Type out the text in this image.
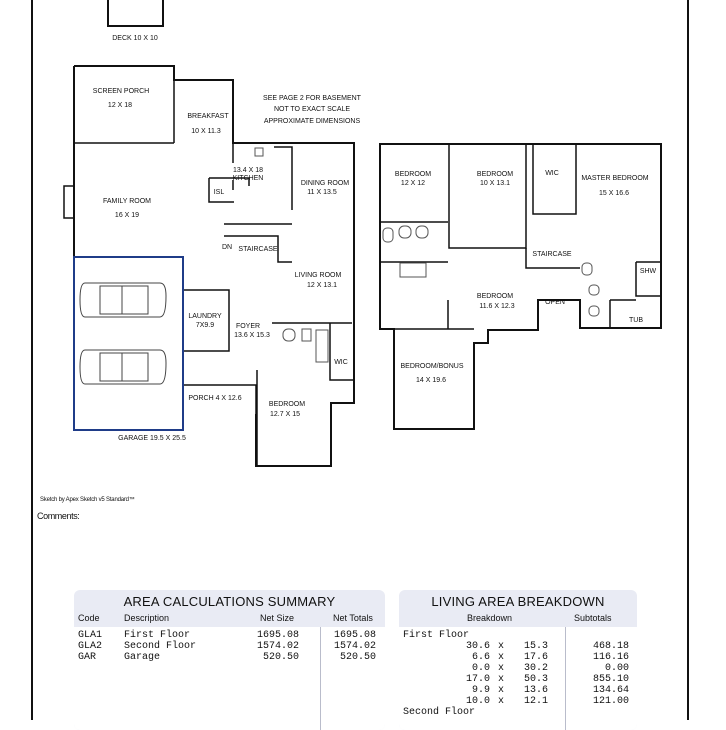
DECK 10 X 10
SCREEN PORCH
12 X 18
BREAKFAST
10 X 11.3
SEE PAGE 2 FOR BASEMENT
NOT TO EXACT SCALE
APPROXIMATE DIMENSIONS
13.4 X 18
KITCHEN
ISL
DINING ROOM
11 X 13.5
FAMILY ROOM
16 X 19
DN STAIRCASE
LIVING ROOM
12 X 13.1
LAUNDRY
7X9.9	FOYER
13.6 X 15.3
WIC
PORCH 4 X 12.6
BEDROOM
12.7 X 15
GARAGE 19.5 X 25.5
BEDROOM
12 X 12
BEDROOM
10 X 13.1
WIC
MASTER BEDROOM
15 X 16.6
STAIRCASE
SHW
BEDROOM
11.6 X 12.3
OPEN
TUB
BEDROOM/BONUS
14 X 19.6
Sketch by Apex Sketch v5 Standard™
Comments:
AREA CALCULATIONS SUMMARY
Code	Description	Net Size	Net Totals
GLA1 First Floor	1695.08	1695.08
GLA2 Second Floor	1574.02	1574.02
GAR	Garage	520.50	520.50
LIVING AREA BREAKDOWN
Breakdown	Subtotals
First Floor
30.6 x 15.3	468.18
6.6 x 17.6	116.16
0.0 x 30.2	0.00
17.0 x 50.3	855.10
9.9 x 13.6	134.64
10.0 x 12.1	121.00
Second Floor
